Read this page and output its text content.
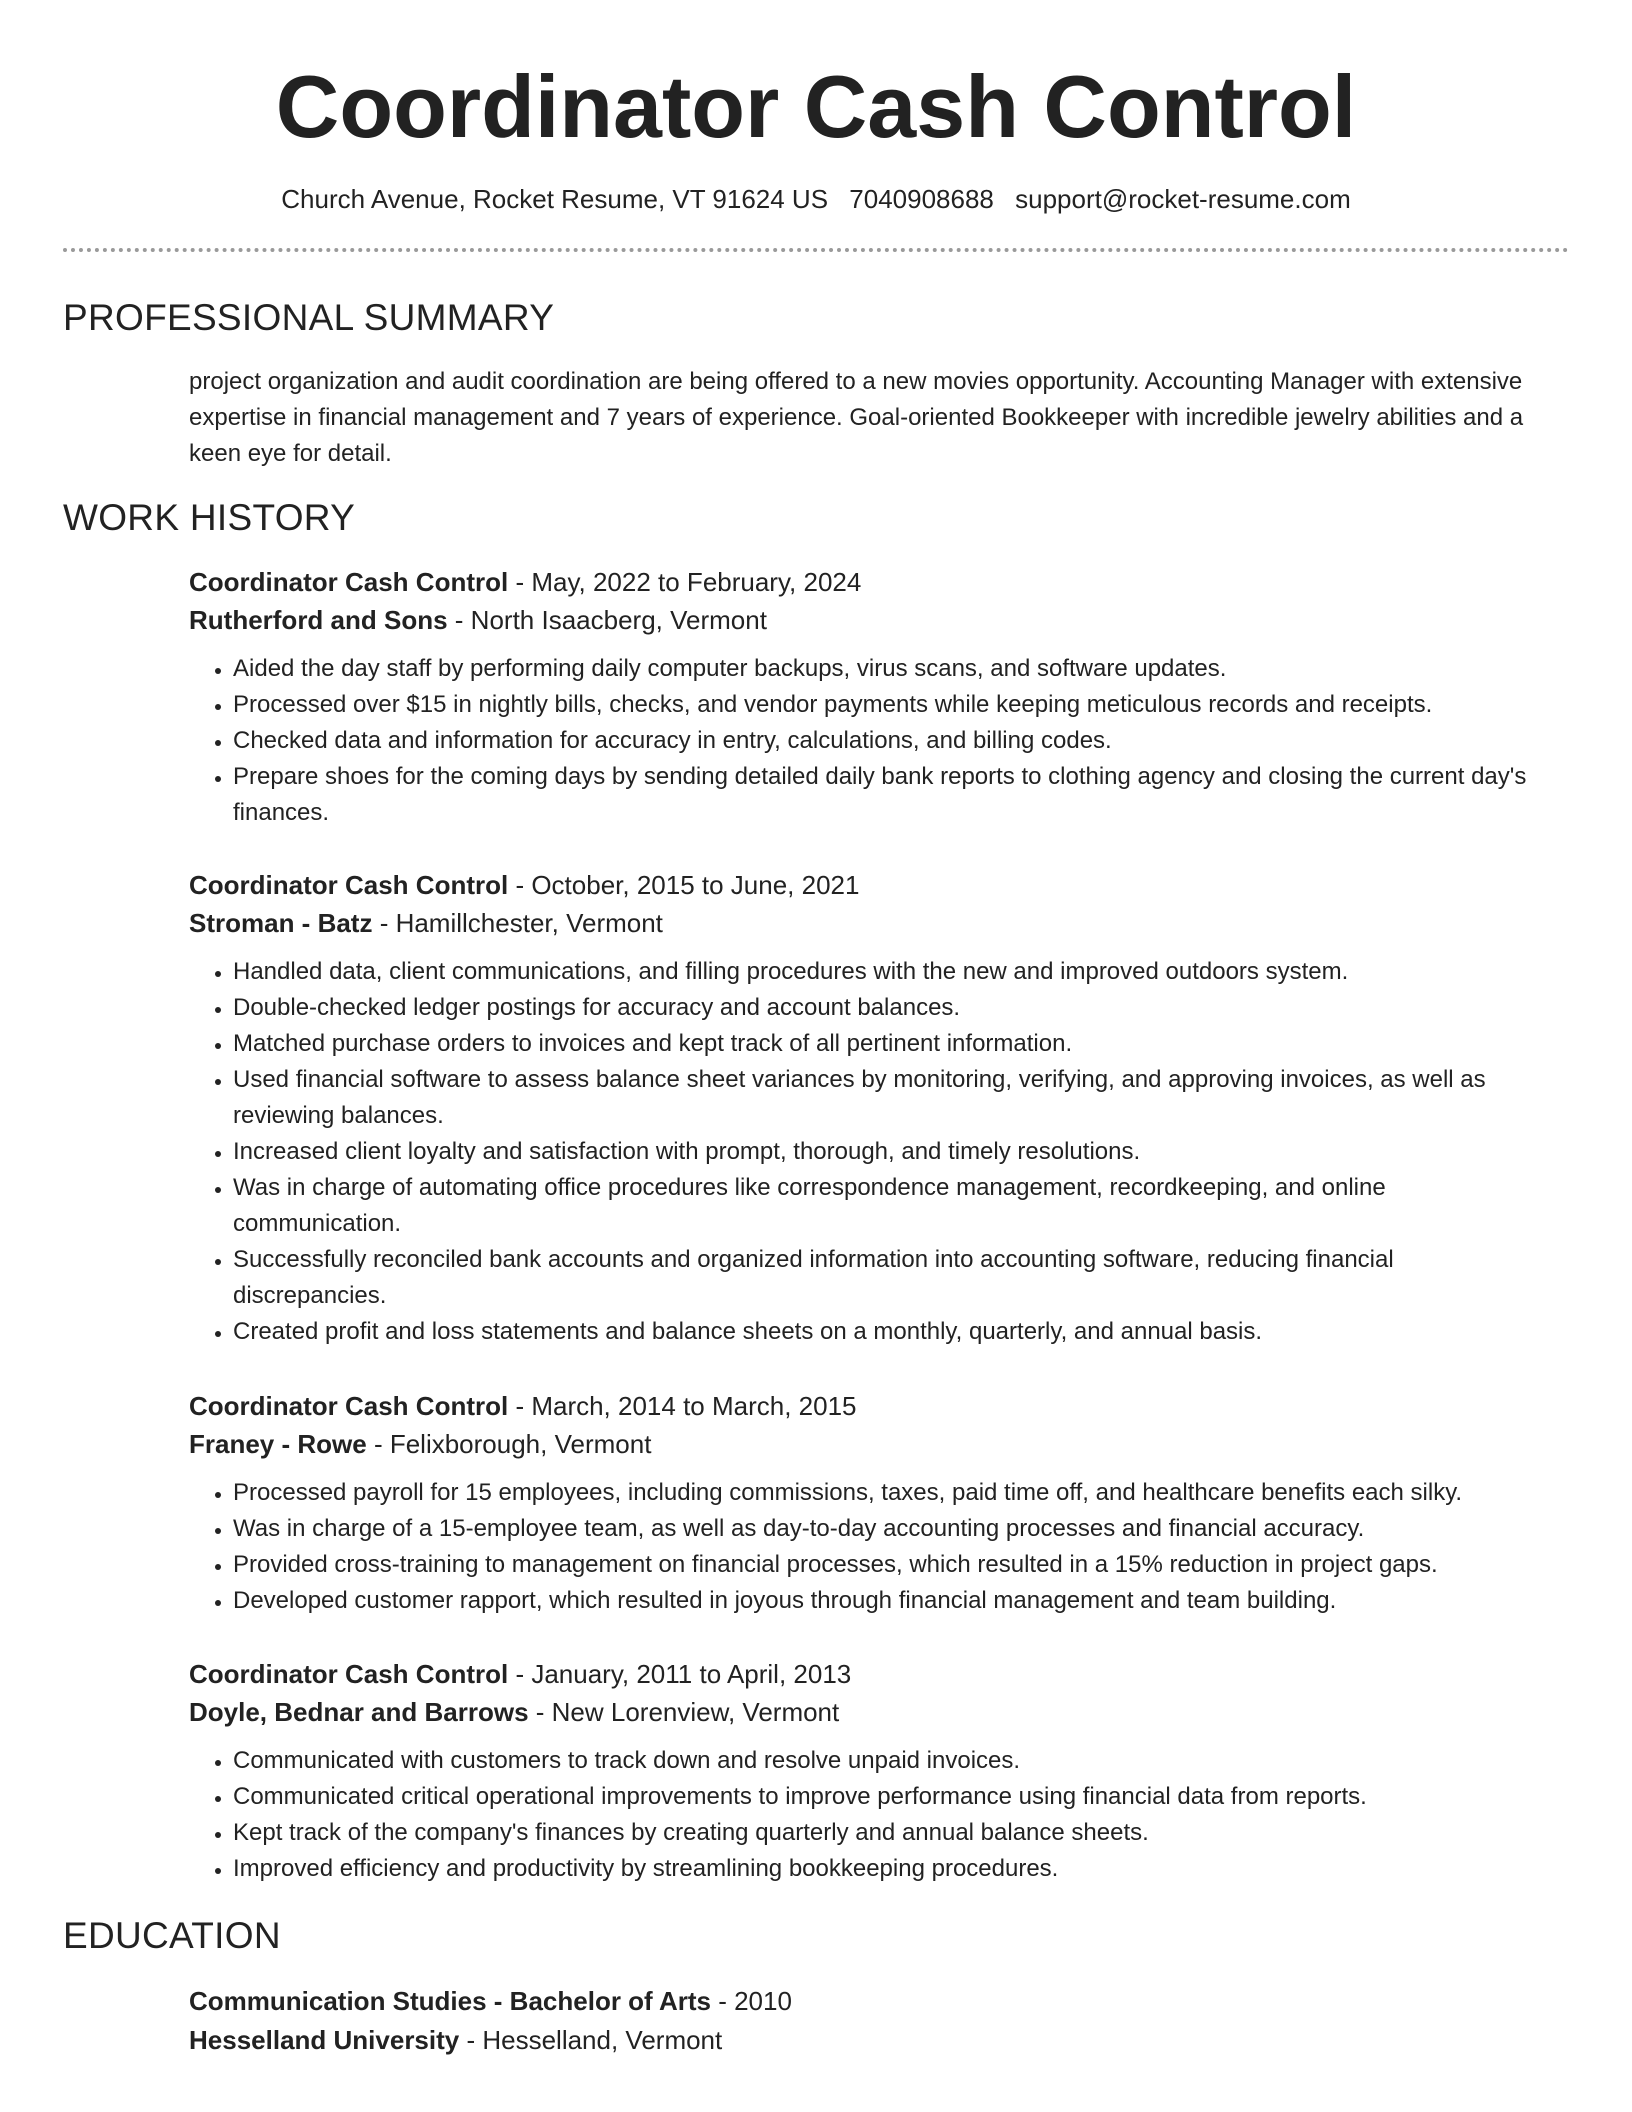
Coordinator Cash Control
Church Avenue, Rocket Resume, VT 91624 US 7040908688 support@rocket-resume.com
PROFESSIONAL SUMMARY
project organization and audit coordination are being offered to a new movies opportunity. Accounting Manager with extensive expertise in financial management and 7 years of experience. Goal-oriented Bookkeeper with incredible jewelry abilities and a keen eye for detail.
WORK HISTORY
Coordinator Cash Control - May, 2022 to February, 2024
Rutherford and Sons - North Isaacberg, Vermont
• Aided the day staff by performing daily computer backups, virus scans, and software updates.
• Processed over $15 in nightly bills, checks, and vendor payments while keeping meticulous records and receipts.
• Checked data and information for accuracy in entry, calculations, and billing codes.
• Prepare shoes for the coming days by sending detailed daily bank reports to clothing agency and closing the current day's finances.
Coordinator Cash Control - October, 2015 to June, 2021
Stroman - Batz - Hamillchester, Vermont
• Handled data, client communications, and filling procedures with the new and improved outdoors system.
• Double-checked ledger postings for accuracy and account balances.
• Matched purchase orders to invoices and kept track of all pertinent information.
• Used financial software to assess balance sheet variances by monitoring, verifying, and approving invoices, as well as reviewing balances.
• Increased client loyalty and satisfaction with prompt, thorough, and timely resolutions.
• Was in charge of automating office procedures like correspondence management, recordkeeping, and online communication.
• Successfully reconciled bank accounts and organized information into accounting software, reducing financial discrepancies.
• Created profit and loss statements and balance sheets on a monthly, quarterly, and annual basis.
Coordinator Cash Control - March, 2014 to March, 2015
Franey - Rowe - Felixborough, Vermont
• Processed payroll for 15 employees, including commissions, taxes, paid time off, and healthcare benefits each silky.
• Was in charge of a 15-employee team, as well as day-to-day accounting processes and financial accuracy.
• Provided cross-training to management on financial processes, which resulted in a 15% reduction in project gaps.
• Developed customer rapport, which resulted in joyous through financial management and team building.
Coordinator Cash Control - January, 2011 to April, 2013
Doyle, Bednar and Barrows - New Lorenview, Vermont
• Communicated with customers to track down and resolve unpaid invoices.
• Communicated critical operational improvements to improve performance using financial data from reports.
• Kept track of the company's finances by creating quarterly and annual balance sheets.
• Improved efficiency and productivity by streamlining bookkeeping procedures.
EDUCATION
Communication Studies - Bachelor of Arts - 2010
Hesselland University - Hesselland, Vermont
